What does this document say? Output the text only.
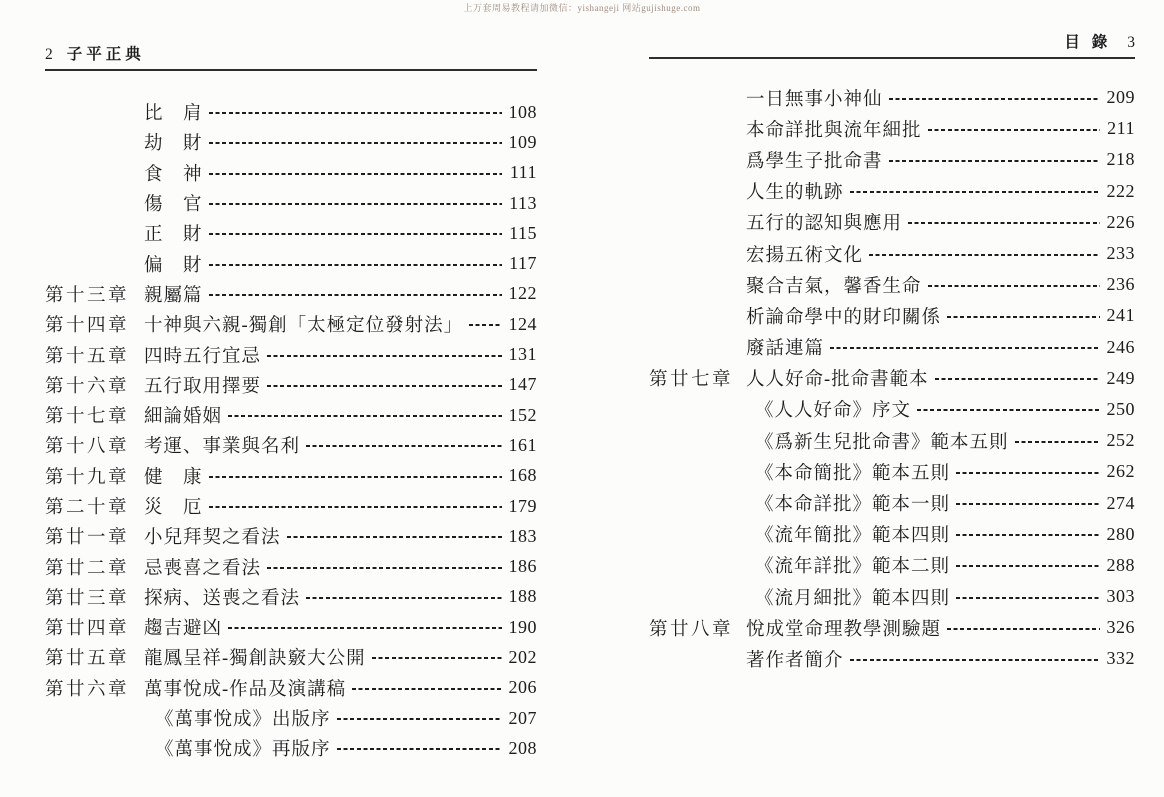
上万套周易教程请加微信：yishangeji 网站gujishuge.com
2 子平正典
比　肩	108
劫　財	109
食　神	111
傷　官	113
正　財	115
偏　財	117
第十三章 親屬篇	122
第十四章 十神與六親-獨創「太極定位發射法」	124
第十五章 四時五行宜忌	131
第十六章 五行取用擇要	147
第十七章 細論婚姻	152
第十八章 考運、事業與名利	161
第十九章 健　康	168
第二十章 災　厄	179
第廿一章 小兒拜契之看法	183
第廿二章 忌喪喜之看法	186
第廿三章 探病、送喪之看法	188
第廿四章 趨吉避凶	190
第廿五章 龍鳳呈祥-獨創訣竅大公開	202
第廿六章 萬事悅成-作品及演講稿	206
《萬事悅成》出版序	207
《萬事悅成》再版序	208
目 錄 3
一日無事小神仙	209
本命詳批與流年細批	211
爲學生子批命書	218
人生的軌跡	222
五行的認知與應用	226
宏揚五術文化	233
聚合吉氣，馨香生命	236
析論命學中的財印關係	241
廢話連篇	246
第廿七章 人人好命-批命書範本	249
《人人好命》序文	250
《爲新生兒批命書》範本五則	252
《本命簡批》範本五則	262
《本命詳批》範本一則	274
《流年簡批》範本四則	280
《流年詳批》範本二則	288
《流月細批》範本四則	303
第廿八章 悅成堂命理教學測驗題	326
著作者簡介	332
